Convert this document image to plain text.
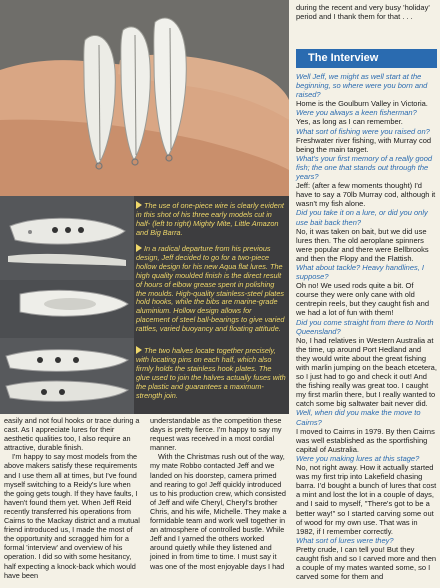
The use of one-piece wire is clearly evident in this shot of his three early models cut in half- (left to right) Mighty Mite, Little Amazon and Big Barra.
In a radical departure from his previous design, Jeff decided to go for a two-piece hollow design for his new Aqua flat lures. The high quality moulded finish is the direct result of hours of elbow grease spent in polishing the moulds. High-quality stainless-steel plates hold hooks, while the bibs are marine-grade aluminium. Hollow design allows for placement of steel ball-bearings to give varied rattles, varied buoyancy and floating attitude.
The two halves locate together precisely, with locating pins on each half, which also firmly holds the stainless hook plates. The glue used to join the halves actually fuses with the plastic and guarantees a maximum-strength join.

easily and not foul hooks or trace during a cast. As I appreciate lures for their aesthetic qualities too, I also require an attractive, durable finish.

I'm happy to say most models from the above makers satisfy these requirements and I use them all at times, but I've found myself switching to a Reidy's lure when the going gets tough. If they have faults, I haven't found them yet. When Jeff Reid recently transferred his operations from Cairns to the Mackay district and a mutual friend introduced us, I made the most of the opportunity and scragged him for a formal 'interview' and overview of his operation. I did so with some hesitancy, half expecting a knock-back which would have been

understandable as the competition these days is pretty fierce. I'm happy to say my request was received in a most cordial manner.

With the Christmas rush out of the way, my mate Robbo contacted Jeff and we landed on his doorstep, camera primed and rearing to go! Jeff quickly introduced us to his production crew, which consisted of Jeff and wife Cheryl, Cheryl's brother Chris, and his wife, Michelle. They make a formidable team and work well together in an atmosphere of controlled bustle. While Jeff and I yarned the others worked around quietly while they listened and joined in from time to time. I must say it was one of the most enjoyable days I had

during the recent and very busy 'holiday' period and I thank them for that . . .
The Interview
Well Jeff, we might as well start at the beginning, so where were you born and raised?
Home is the Goulburn Valley in Victoria.
Were you always a keen fisherman?
Yes, as long as I can remember.
What sort of fishing were you raised on?
Freshwater river fishing, with Murray cod being the main target.
What's your first memory of a really good fish; the one that stands out through the years?
Jeff: (after a few moments thought) I'd have to say a 70lb Murray cod, although it wasn't my fish alone.
Did you take it on a lure, or did you only use bait back then?
No, it was taken on bait, but we did use lures then. The old aeroplane spinners were popular and there were Bellbrooks and then the Flopy and the Flattish.
What about tackle? Heavy handlines, I suppose?
Oh no! We used rods quite a bit. Of course they were only cane with old centrepin reels, but they caught fish and we had a lot of fun with them!
Did you come straight from there to North Queensland?
No, I had relatives in Western Australia at the time, up around Port Hedland and they would write about the great fishing with marlin jumping on the beach etcetera, so I just had to go and check it out! And the fishing really was great too. I caught my first marlin there, but I really wanted to catch some big saltwater bait never did.
Well, when did you make the move to Cairns?
I moved to Cairns in 1979. By then Cairns was well established as the sportfishing capital of Australia.
Were you making lures at this stage?
No, not right away. How it actually started was my first trip into Lakefield chasing barra. I'd bought a bunch of lures that cost a mint and lost the lot in a couple of days, and I said to myself, "There's got to be a better way!" so I started carving some out of wood for my own use. That was in 1982, if I remember correctly.
What sort of lures were they?
Pretty crude, I can tell you! But they caught fish and so I carved more and then a couple of my mates wanted some, so I carved some for them and
